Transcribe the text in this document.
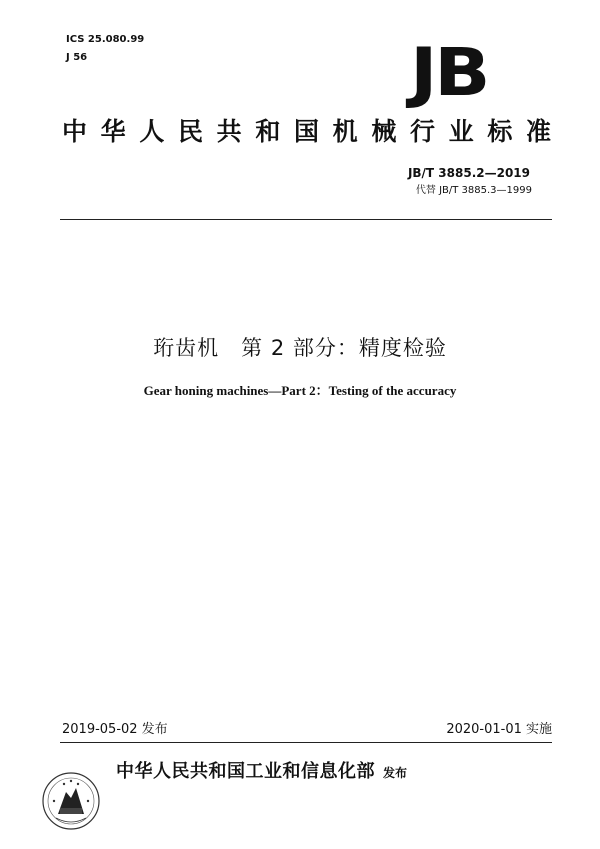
ICS 25.080.99
J 56	JB
中华人民共和国机械行业标准
JB/T 3885.2—2019
代替 JB/T 3885.3—1999
珩齿机　第 2 部分：精度检验
Gear honing machines—Part 2：Testing of the accuracy
2019-05-02 发布	2020-01-01 实施
中华人民共和国工业和信息化部 发布
